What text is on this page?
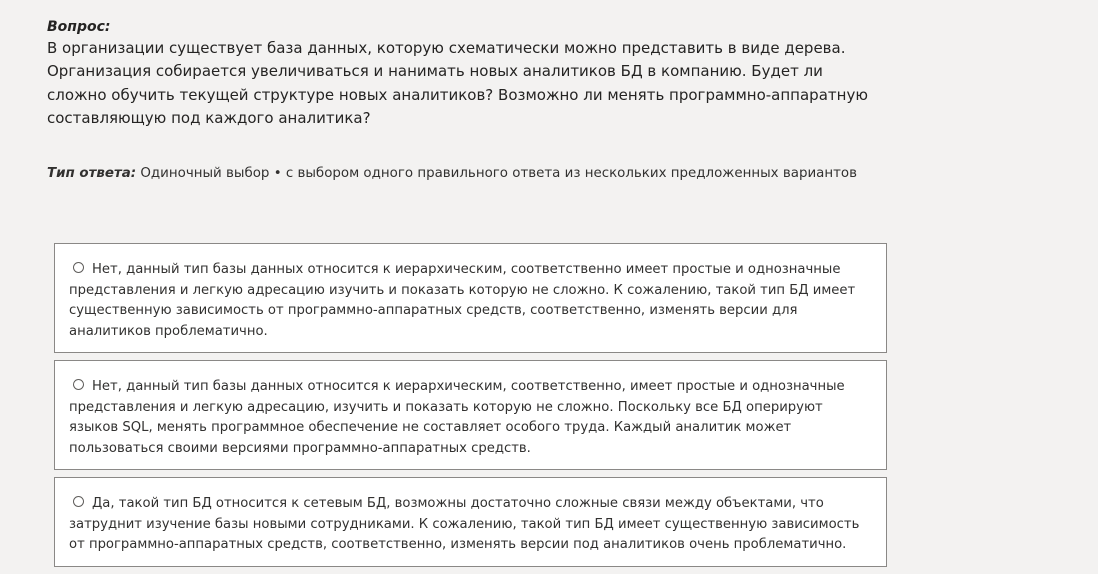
Вопрос:
В организации существует база данных, которую схематически можно представить в виде дерева. Организация собирается увеличиваться и нанимать новых аналитиков БД в компанию. Будет ли сложно обучить текущей структуре новых аналитиков? Возможно ли менять программно-аппаратную составляющую под каждого аналитика?
Тип ответа: Одиночный выбор • с выбором одного правильного ответа из нескольких предложенных вариантов
Нет, данный тип базы данных относится к иерархическим, соответственно имеет простые и однозначные представления и легкую адресацию изучить и показать которую не сложно. К сожалению, такой тип БД имеет существенную зависимость от программно-аппаратных средств, соответственно, изменять версии для аналитиков проблематично.
Нет, данный тип базы данных относится к иерархическим, соответственно, имеет простые и однозначные представления и легкую адресацию, изучить и показать которую не сложно. Поскольку все БД оперируют языков SQL, менять программное обеспечение не составляет особого труда. Каждый аналитик может пользоваться своими версиями программно-аппаратных средств.
Да, такой тип БД относится к сетевым БД, возможны достаточно сложные связи между объектами, что затруднит изучение базы новыми сотрудниками. К сожалению, такой тип БД имеет существенную зависимость от программно-аппаратных средств, соответственно, изменять версии под аналитиков очень проблематично.
